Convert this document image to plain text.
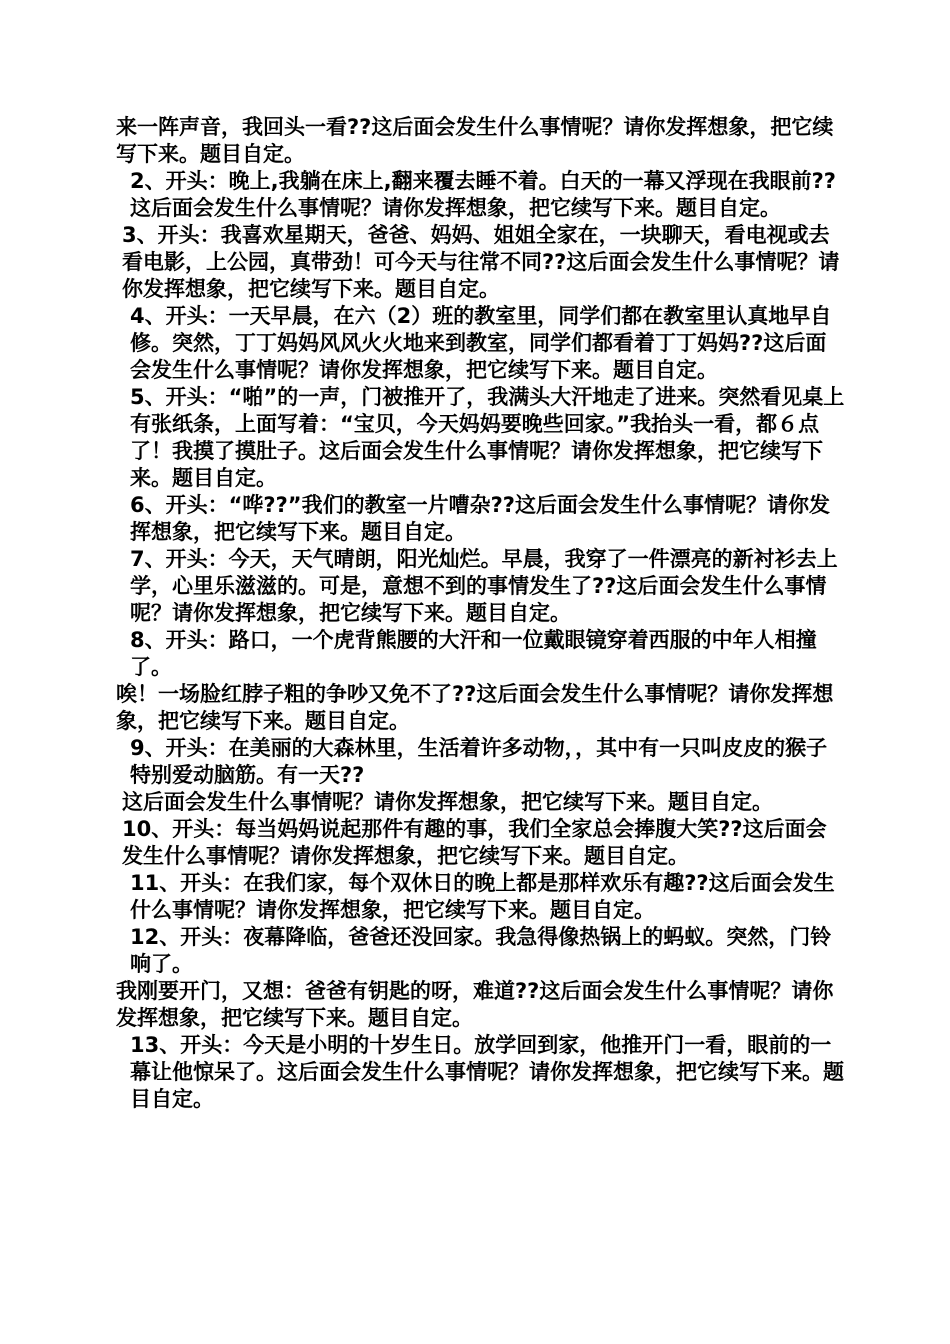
来一阵声音，我回头一看??这后面会发生什么事情呢？请你发挥想象，把它续写下来。题目自定。

2、开头：晚上,我躺在床上,翻来覆去睡不着。白天的一幕又浮现在我眼前??这后面会发生什么事情呢？请你发挥想象，把它续写下来。题目自定。

3、开头：我喜欢星期天，爸爸、妈妈、姐姐全家在，一块聊天，看电视或去看电影，上公园，真带劲！可今天与往常不同??这后面会发生什么事情呢？请你发挥想象，把它续写下来。题目自定。

4、开头：一天早晨，在六（2）班的教室里，同学们都在教室里认真地早自修。突然，丁丁妈妈风风火火地来到教室，同学们都看着丁丁妈妈??这后面会发生什么事情呢？请你发挥想象，把它续写下来。题目自定。

5、开头：“啪”的一声，门被推开了，我满头大汗地走了进来。突然看见桌上有张纸条，上面写着：“宝贝，今天妈妈要晚些回家。”我抬头一看，都６点了！我摸了摸肚子。这后面会发生什么事情呢？请你发挥想象，把它续写下来。题目自定。

6、开头：“哗??”我们的教室一片嘈杂??这后面会发生什么事情呢？请你发挥想象，把它续写下来。题目自定。

7、开头：今天，天气晴朗，阳光灿烂。早晨，我穿了一件漂亮的新衬衫去上学，心里乐滋滋的。可是，意想不到的事情发生了??这后面会发生什么事情呢？请你发挥想象，把它续写下来。题目自定。

8、开头：路口，一个虎背熊腰的大汗和一位戴眼镜穿着西服的中年人相撞了。

唉！一场脸红脖子粗的争吵又免不了??这后面会发生什么事情呢？请你发挥想象，把它续写下来。题目自定。

9、开头：在美丽的大森林里，生活着许多动物，，其中有一只叫皮皮的猴子特别爱动脑筋。有一天??

这后面会发生什么事情呢？请你发挥想象，把它续写下来。题目自定。

10、开头：每当妈妈说起那件有趣的事，我们全家总会捧腹大笑??这后面会发生什么事情呢？请你发挥想象，把它续写下来。题目自定。

11、开头：在我们家，每个双休日的晚上都是那样欢乐有趣??这后面会发生什么事情呢？请你发挥想象，把它续写下来。题目自定。

12、开头：夜幕降临，爸爸还没回家。我急得像热锅上的蚂蚁。突然，门铃响了。

我刚要开门，又想：爸爸有钥匙的呀，难道??这后面会发生什么事情呢？请你发挥想象，把它续写下来。题目自定。

13、开头：今天是小明的十岁生日。放学回到家，他推开门一看，眼前的一幕让他惊呆了。这后面会发生什么事情呢？请你发挥想象，把它续写下来。题目自定。
